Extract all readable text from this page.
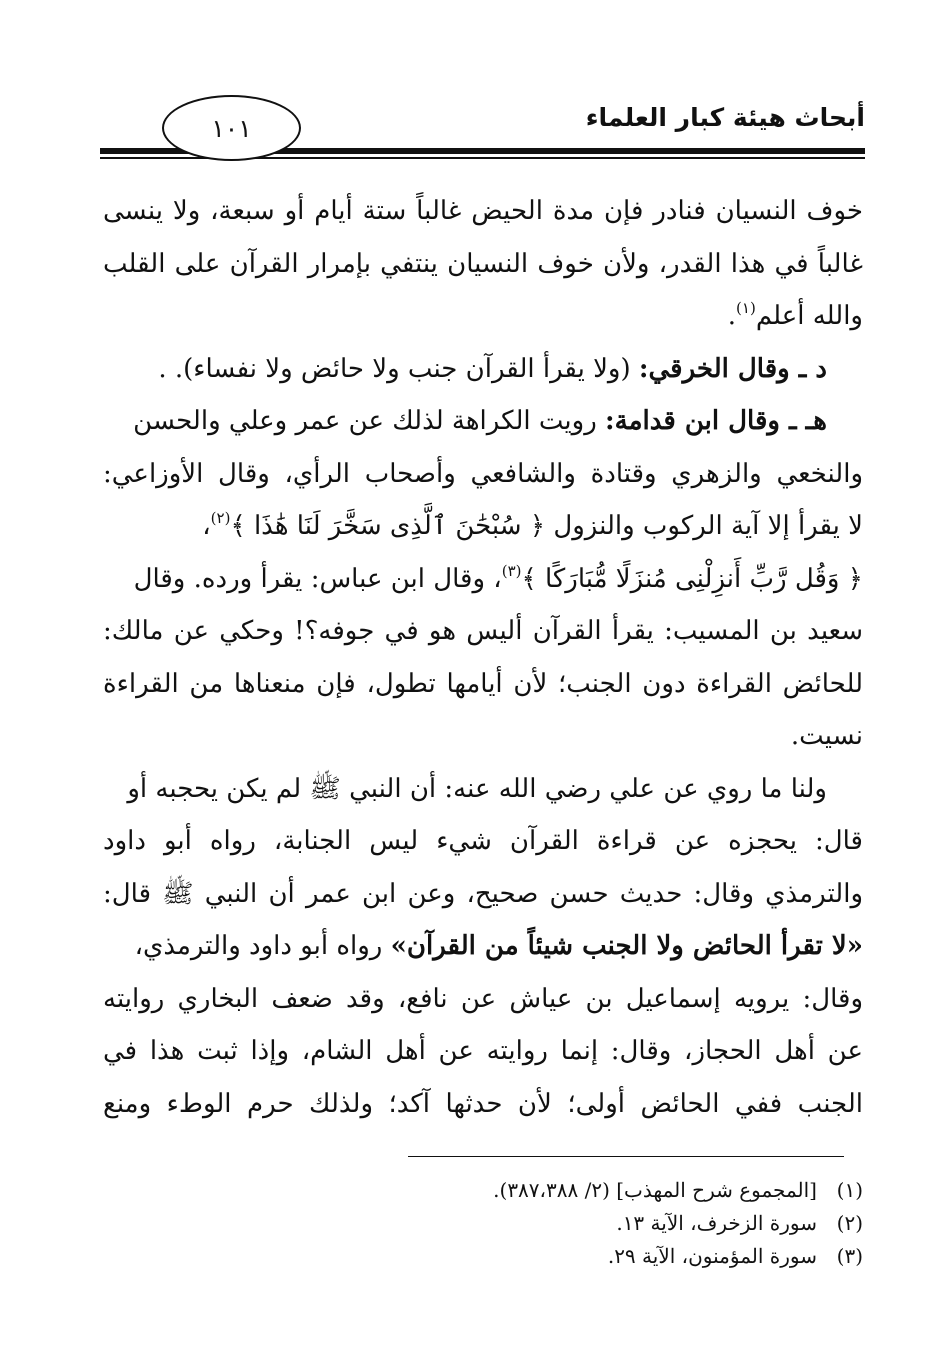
أبحاث هيئة كبار العلماء
١٠١
خوف النسيان فنادر فإن مدة الحيض غالباً ستة أيام أو سبعة، ولا ينسى
غالباً في هذا القدر، ولأن خوف النسيان ينتفي بإمرار القرآن على القلب
والله أعلم$^{(١)}$.
د ـ وقال الخرقي: (ولا يقرأ القرآن جنب ولا حائض ولا نفساء). .
هـ ـ وقال ابن قدامة: رويت الكراهة لذلك عن عمر وعلي والحسن
والنخعي والزهري وقتادة والشافعي وأصحاب الرأي، وقال الأوزاعي:
لا يقرأ إلا آية الركوب والنزول ﴿ سُبْحَٰنَ ٱلَّذِى سَخَّرَ لَنَا هَٰذَا ﴾$^{(٢)}$،
﴿ وَقُل رَّبِّ أَنزِلْنِى مُنزَلًا مُّبَارَكًا ﴾$^{(٣)}$، وقال ابن عباس: يقرأ ورده. وقال
سعيد بن المسيب: يقرأ القرآن أليس هو في جوفه؟! وحكي عن مالك:
للحائض القراءة دون الجنب؛ لأن أيامها تطول، فإن منعناها من القراءة
نسيت.
ولنا ما روي عن علي رضي الله عنه: أن النبي ﷺ لم يكن يحجبه أو
قال: يحجزه عن قراءة القرآن شيء ليس الجنابة، رواه أبو داود
والترمذي وقال: حديث حسن صحيح، وعن ابن عمر أن النبي ﷺ قال:
«لا تقرأ الحائض ولا الجنب شيئاً من القرآن» رواه أبو داود والترمذي،
وقال: يرويه إسماعيل بن عياش عن نافع، وقد ضعف البخاري روايته
عن أهل الحجاز، وقال: إنما روايته عن أهل الشام، وإذا ثبت هذا في
الجنب ففي الحائض أولى؛ لأن حدثها آكد؛ ولذلك حرم الوطء ومنع
(١)[المجموع شرح المهذب] (٢/ ٣٨٧،٣٨٨).
(٢)سورة الزخرف، الآية ١٣.
(٣)سورة المؤمنون، الآية ٢٩.
